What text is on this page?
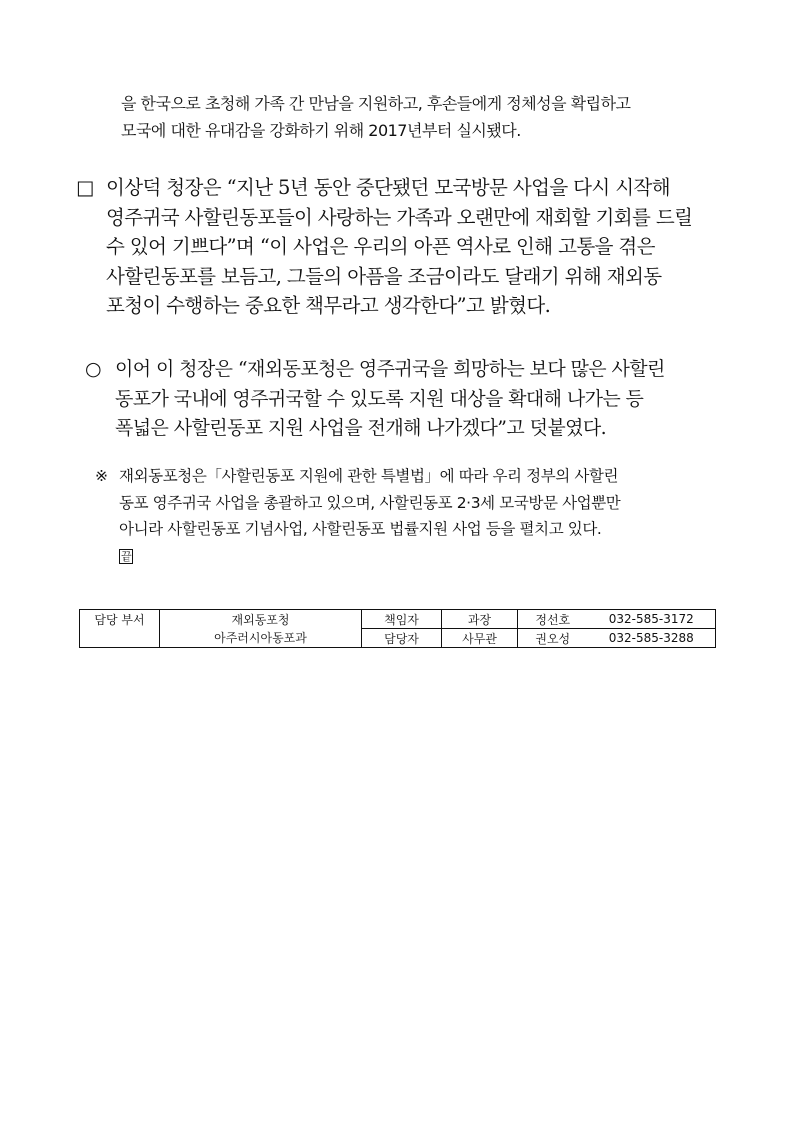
을 한국으로 초청해 가족 간 만남을 지원하고, 후손들에게 정체성을 확립하고
모국에 대한 유대감을 강화하기 위해 2017년부터 실시됐다.

□ 이상덕 청장은 “지난 5년 동안 중단됐던 모국방문 사업을 다시 시작해
영주귀국 사할린동포들이 사랑하는 가족과 오랜만에 재회할 기회를 드릴
수 있어 기쁘다”며 “이 사업은 우리의 아픈 역사로 인해 고통을 겪은
사할린동포를 보듬고, 그들의 아픔을 조금이라도 달래기 위해 재외동
포청이 수행하는 중요한 책무라고 생각한다”고 밝혔다.

○ 이어 이 청장은 “재외동포청은 영주귀국을 희망하는 보다 많은 사할린
동포가 국내에 영주귀국할 수 있도록 지원 대상을 확대해 나가는 등
폭넓은 사할린동포 지원 사업을 전개해 나가겠다”고 덧붙였다.

※ 재외동포청은「사할린동포 지원에 관한 특별법」에 따라 우리 정부의 사할린
동포 영주귀국 사업을 총괄하고 있으며, 사할린동포 2·3세 모국방문 사업뿐만
아니라 사할린동포 기념사업, 사할린동포 법률지원 사업 등을 펼치고 있다.
끝

담당 부서	재외동포청	책임자	과장	정선호	032-585-3172
	아주러시아동포과	담당자	사무관	권오성	032-585-3288
